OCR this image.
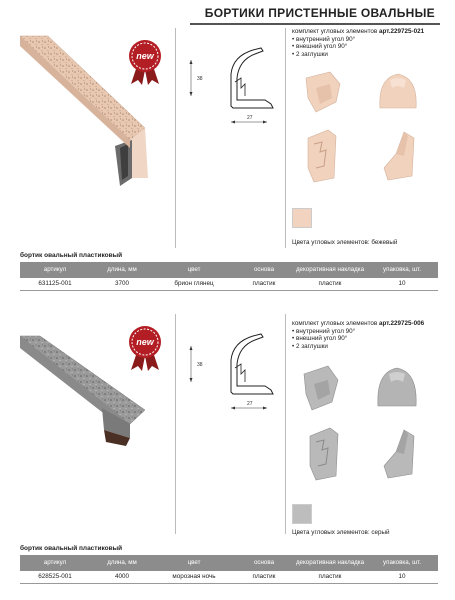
БОРТИКИ ПРИСТЕННЫЕ ОВАЛЬНЫЕ
new
38
27
комплект угловых элементов арт.229725-021
• внутренний угол 90°
• внешний угол 90°
• 2 заглушки
Цвета угловых элементов: бежевый
бортик овальный пластиковый
артикул	длина, мм	цвет	основа	декоративная накладка	упаковка, шт.
631125-001	3700	брион глянец	пластик	пластик	10
new
38
27
комплект угловых элементов арт.229725-006
• внутренний угол 90°
• внешний угол 90°
• 2 заглушки
Цвета угловых элементов: серый
бортик овальный пластиковый
артикул	длина, мм	цвет	основа	декоративная накладка	упаковка, шт.
628525-001	4000	морозная ночь	пластик	пластик	10
